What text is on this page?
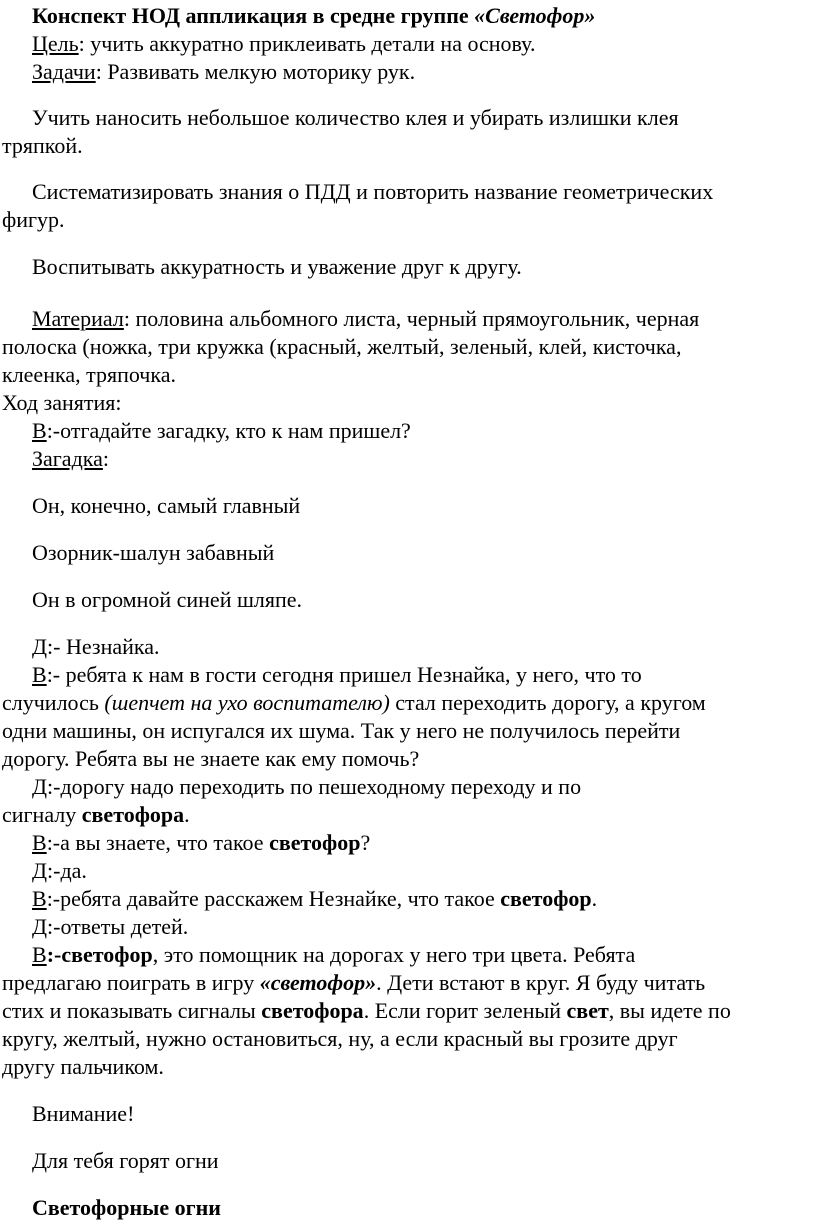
Конспект НОД аппликация в средне группе «Светофор»
Цель: учить аккуратно приклеивать детали на основу.
Задачи: Развивать мелкую моторику рук.
Учить наносить небольшое количество клея и убирать излишки клея
тряпкой.
Систематизировать знания о ПДД и повторить название геометрических
фигур.
Воспитывать аккуратность и уважение друг к другу.
Материал: половина альбомного листа, черный прямоугольник, черная
полоска (ножка, три кружка (красный, желтый, зеленый, клей, кисточка,
клеенка, тряпочка.
Ход занятия:
В:-отгадайте загадку, кто к нам пришел?
Загадка:
Он, конечно, самый главный
Озорник-шалун забавный
Он в огромной синей шляпе.
Д:- Незнайка.
В:- ребята к нам в гости сегодня пришел Незнайка, у него, что то
случилось (шепчет на ухо воспитателю) стал переходить дорогу, а кругом
одни машины, он испугался их шума. Так у него не получилось перейти
дорогу. Ребята вы не знаете как ему помочь?
Д:-дорогу надо переходить по пешеходному переходу и по
сигналу светофора.
В:-а вы знаете, что такое светофор?
Д:-да.
В:-ребята давайте расскажем Незнайке, что такое светофор.
Д:-ответы детей.
В:-светофор, это помощник на дорогах у него три цвета. Ребята
предлагаю поиграть в игру «светофор». Дети встают в круг. Я буду читать
стих и показывать сигналы светофора. Если горит зеленый свет, вы идете по
кругу, желтый, нужно остановиться, ну, а если красный вы грозите друг
другу пальчиком.
Внимание!
Для тебя горят огни
Светофорные огни
